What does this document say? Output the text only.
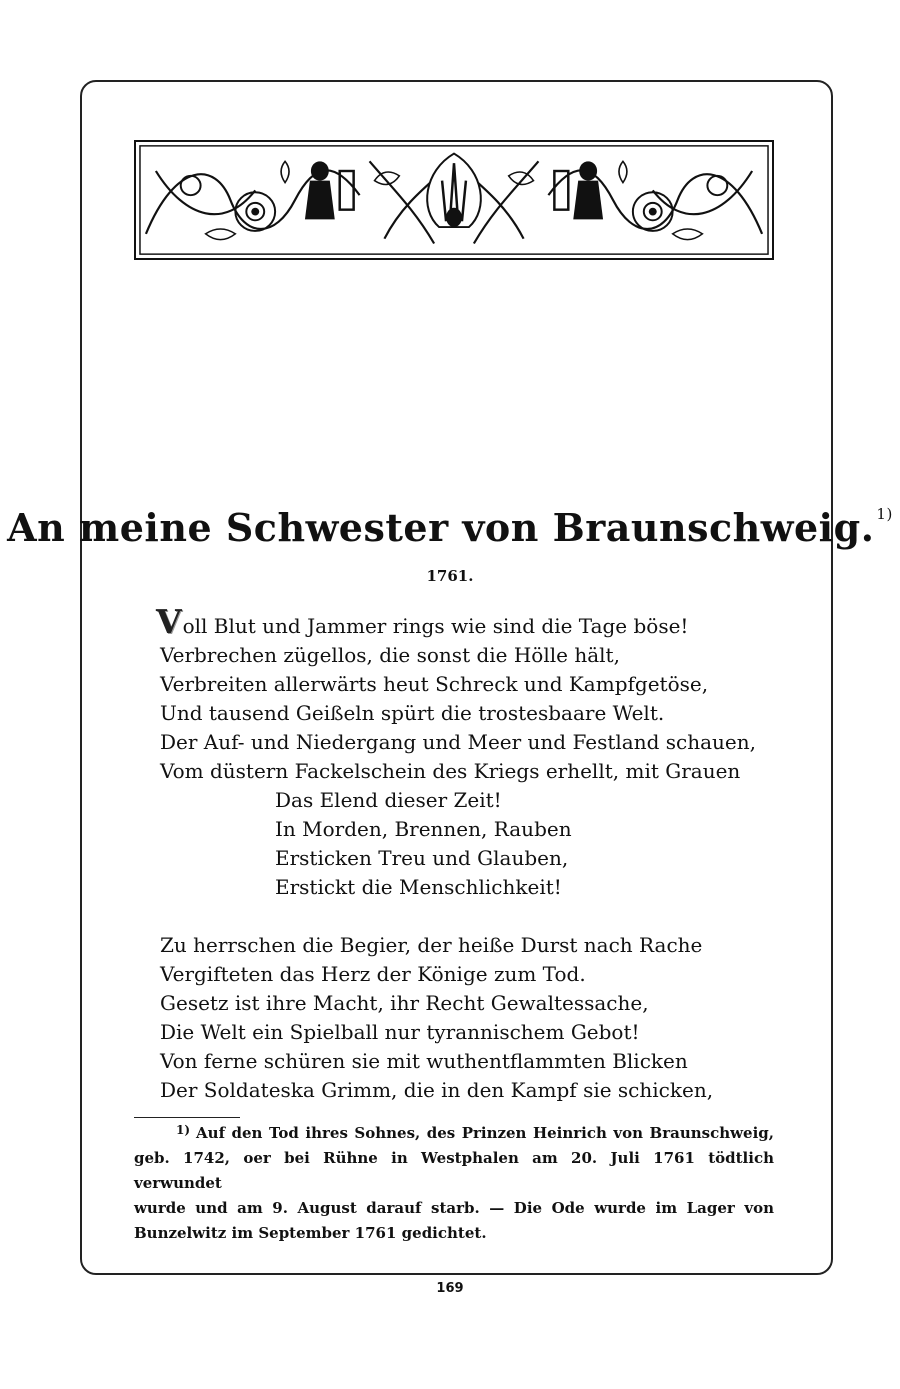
An meine Schwester von Braunschweig. $^{1)}$
1761.
Voll Blut und Jammer rings wie sind die Tage böse!
Verbrechen zügellos, die sonst die Hölle hält,
Verbreiten allerwärts heut Schreck und Kampfgetöse,
Und tausend Geißeln spürt die trostesbaare Welt.
Der Auf- und Niedergang und Meer und Festland schauen,
Vom düstern Fackelschein des Kriegs erhellt, mit Grauen
Das Elend dieser Zeit!
In Morden, Brennen, Rauben
Ersticken Treu und Glauben,
Erstickt die Menschlichkeit!
Zu herrschen die Begier, der heiße Durst nach Rache
Vergifteten das Herz der Könige zum Tod.
Gesetz ist ihre Macht, ihr Recht Gewaltessache,
Die Welt ein Spielball nur tyrannischem Gebot!
Von ferne schüren sie mit wuthentflammten Blicken
Der Soldateska Grimm, die in den Kampf sie schicken,
1) Auf den Tod ihres Sohnes, des Prinzen Heinrich von Braunschweig,
geb. 1742, oer bei Rühne in Westphalen am 20. Juli 1761 tödtlich verwundet
wurde und am 9. August darauf starb. — Die Ode wurde im Lager von
Bunzelwitz im September 1761 gedichtet.
169
